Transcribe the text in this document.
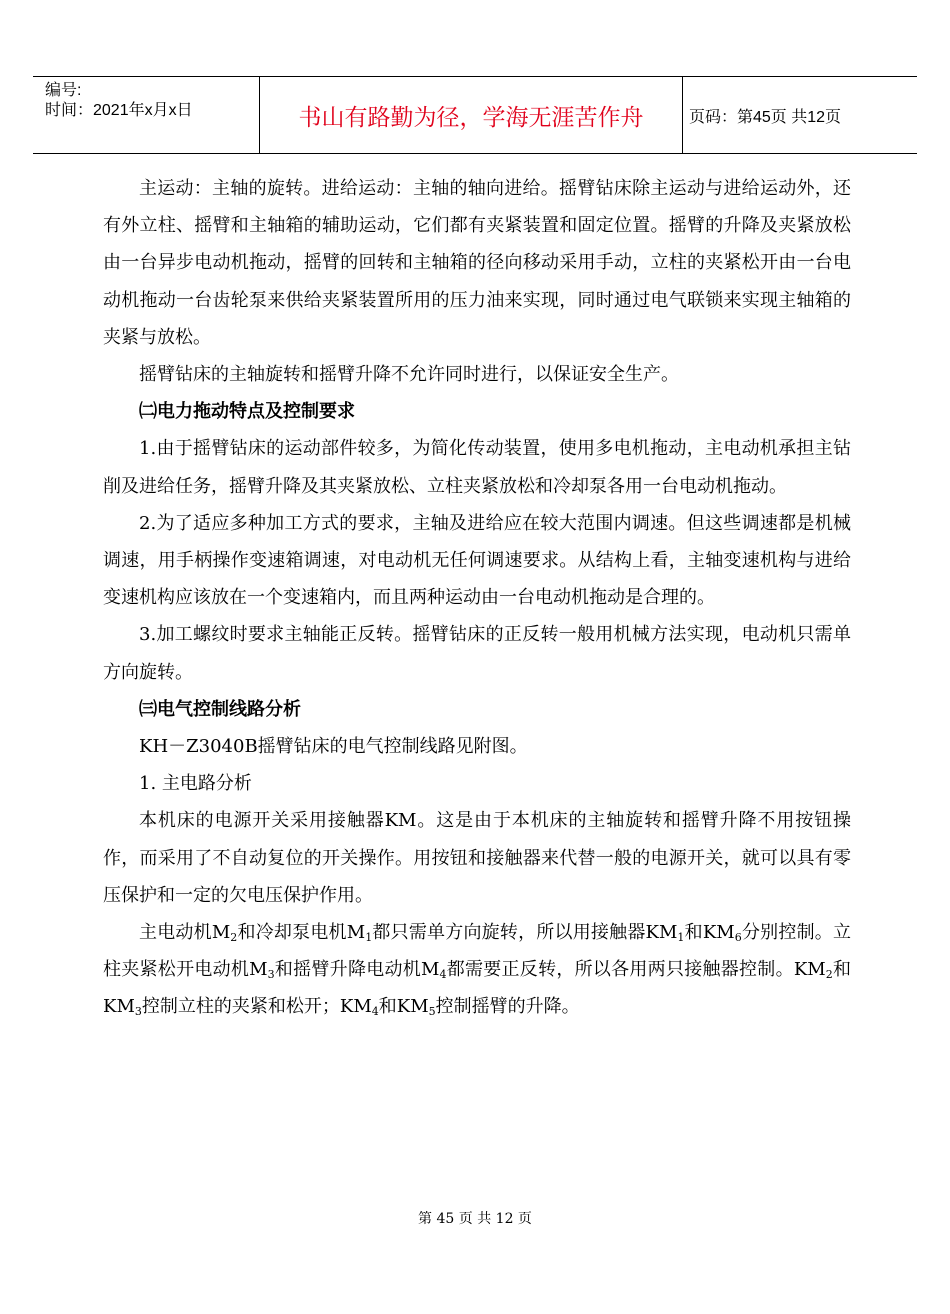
编号:
时间：2021年x月x日	书山有路勤为径，学海无涯苦作舟	页码：第45页 共12页

主运动：主轴的旋转。进给运动：主轴的轴向进给。摇臂钻床除主运动与进给运动外，还有外立柱、摇臂和主轴箱的辅助运动，它们都有夹紧装置和固定位置。摇臂的升降及夹紧放松由一台异步电动机拖动，摇臂的回转和主轴箱的径向移动采用手动，立柱的夹紧松开由一台电动机拖动一台齿轮泵来供给夹紧装置所用的压力油来实现，同时通过电气联锁来实现主轴箱的夹紧与放松。

摇臂钻床的主轴旋转和摇臂升降不允许同时进行，以保证安全生产。

㈡电力拖动特点及控制要求

1.由于摇臂钻床的运动部件较多，为简化传动装置，使用多电机拖动，主电动机承担主钻削及进给任务，摇臂升降及其夹紧放松、立柱夹紧放松和冷却泵各用一台电动机拖动。

2.为了适应多种加工方式的要求，主轴及进给应在较大范围内调速。但这些调速都是机械调速，用手柄操作变速箱调速，对电动机无任何调速要求。从结构上看，主轴变速机构与进给变速机构应该放在一个变速箱内，而且两种运动由一台电动机拖动是合理的。

3.加工螺纹时要求主轴能正反转。摇臂钻床的正反转一般用机械方法实现，电动机只需单方向旋转。

㈢电气控制线路分析

KH－Z3040B摇臂钻床的电气控制线路见附图。

1. 主电路分析

本机床的电源开关采用接触器KM。这是由于本机床的主轴旋转和摇臂升降不用按钮操作，而采用了不自动复位的开关操作。用按钮和接触器来代替一般的电源开关，就可以具有零压保护和一定的欠电压保护作用。

主电动机$M_2$和冷却泵电机$M_1$都只需单方向旋转，所以用接触器$KM_1$和$KM_6$分别控制。立柱夹紧松开电动机$M_3$和摇臂升降电动机$M_4$都需要正反转，所以各用两只接触器控制。$KM_2$和$KM_3$控制立柱的夹紧和松开；$KM_4$和$KM_5$控制摇臂的升降。

第 45 页 共 12 页
